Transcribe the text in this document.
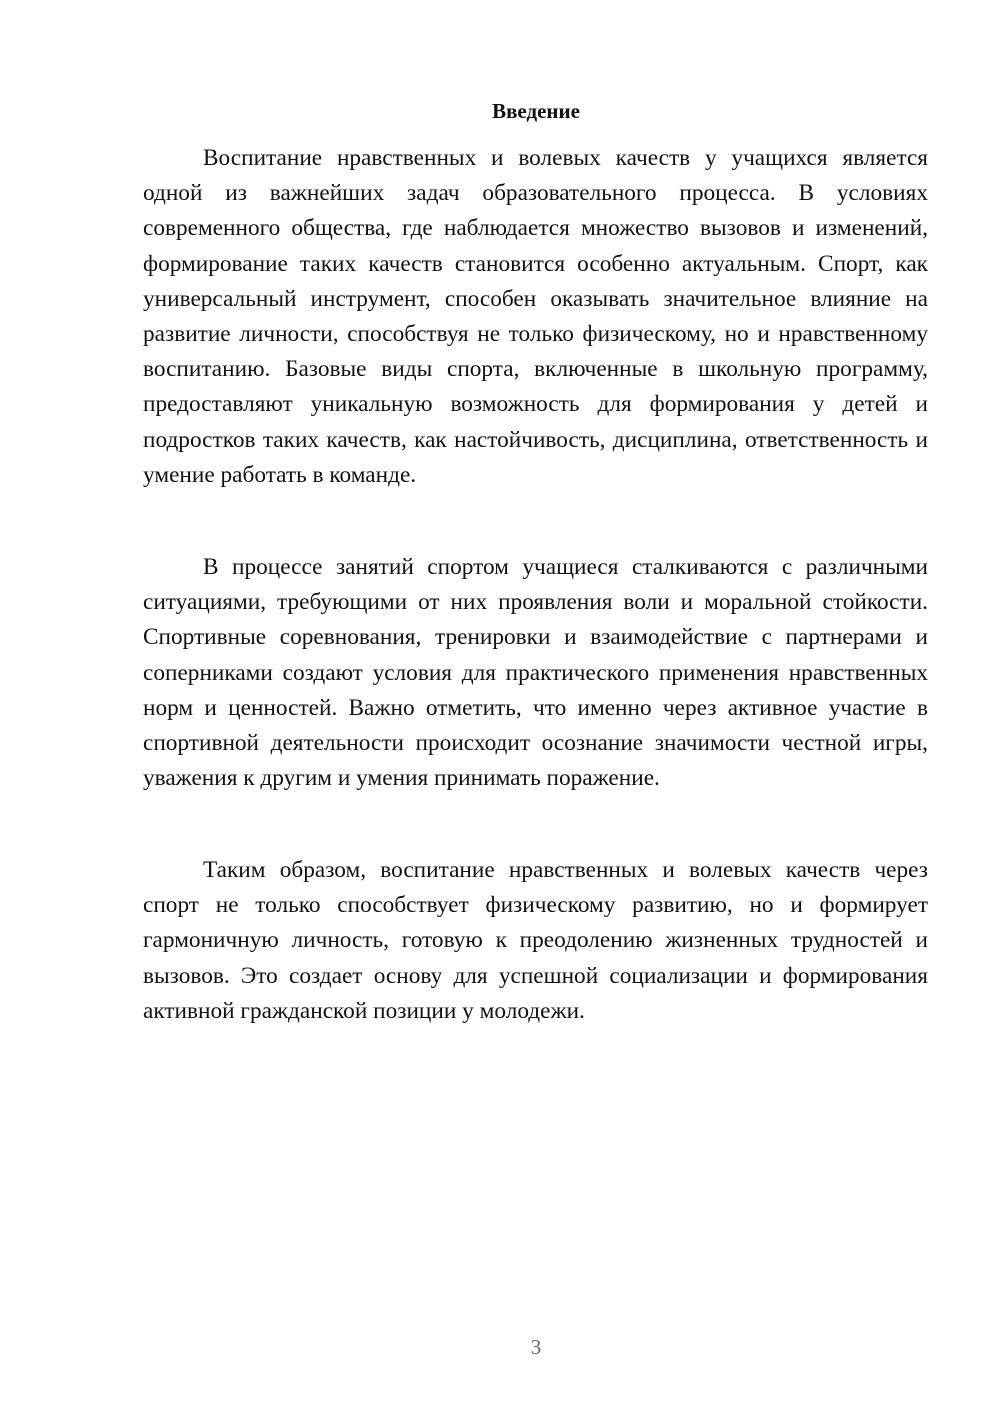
Введение

Воспитание нравственных и волевых качеств у учащихся является одной из важнейших задач образовательного процесса. В условиях современного общества, где наблюдается множество вызовов и изменений, формирование таких качеств становится особенно актуальным. Спорт, как универсальный инструмент, способен оказывать значительное влияние на развитие личности, способствуя не только физическому, но и нравственному воспитанию. Базовые виды спорта, включенные в школьную программу, предоставляют уникальную возможность для формирования у детей и подростков таких качеств, как настойчивость, дисциплина, ответственность и умение работать в команде.

В процессе занятий спортом учащиеся сталкиваются с различными ситуациями, требующими от них проявления воли и моральной стойкости. Спортивные соревнования, тренировки и взаимодействие с партнерами и соперниками создают условия для практического применения нравственных норм и ценностей. Важно отметить, что именно через активное участие в спортивной деятельности происходит осознание значимости честной игры, уважения к другим и умения принимать поражение.

Таким образом, воспитание нравственных и волевых качеств через спорт не только способствует физическому развитию, но и формирует гармоничную личность, готовую к преодолению жизненных трудностей и вызовов. Это создает основу для успешной социализации и формирования активной гражданской позиции у молодежи.

3
